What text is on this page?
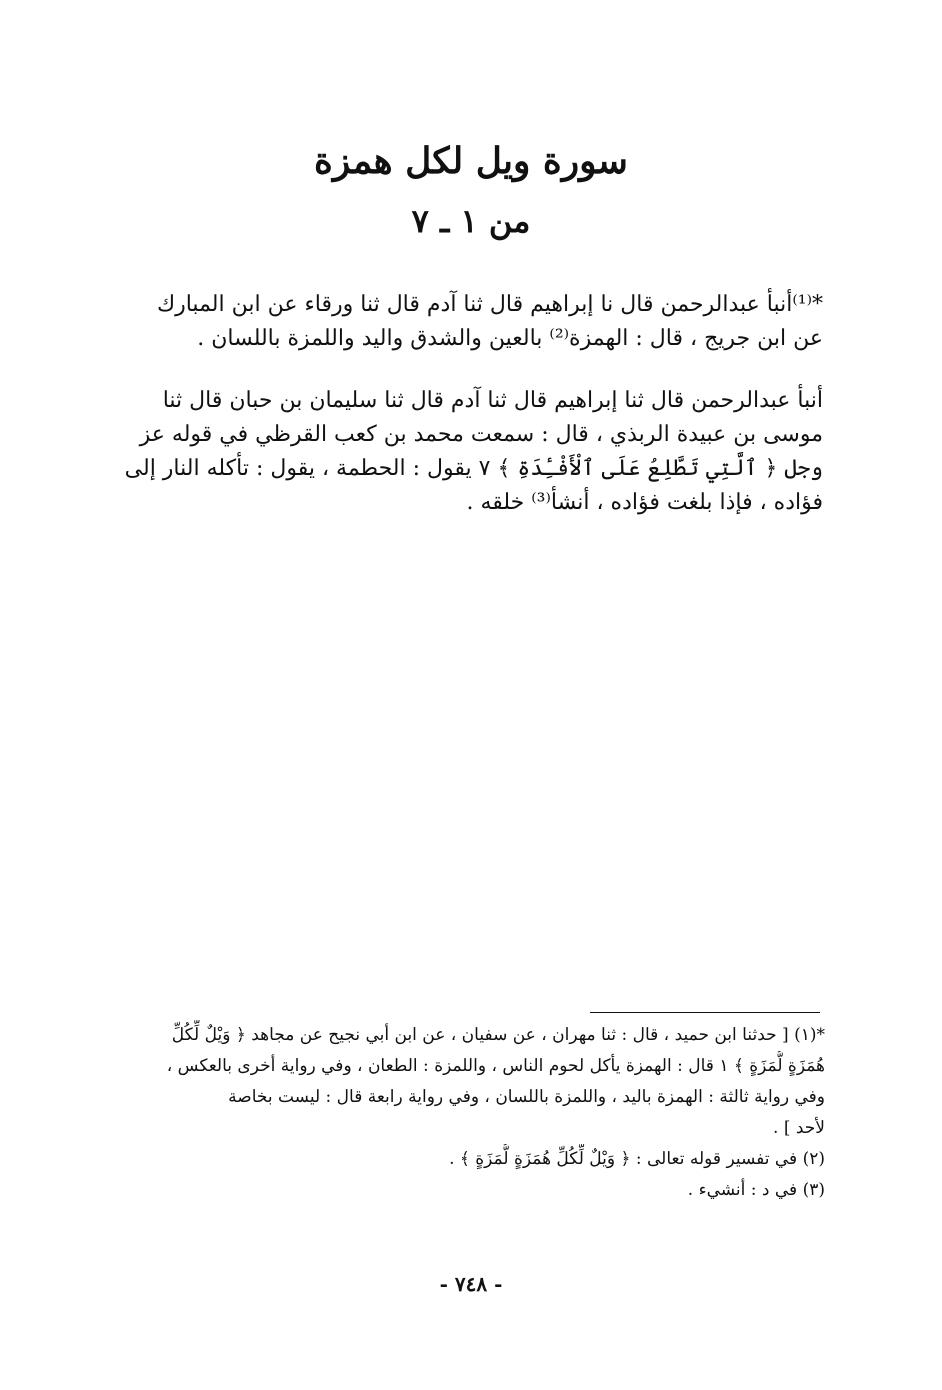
سورة ويل لكل همزة
من ١ ـ ٧

*⁽¹⁾أنبأ عبدالرحمن قال نا إبراهيم قال ثنا آدم قال ثنا ورقاء عن ابن المبارك
عن ابن جريج ، قال : الهمزة⁽²⁾ بالعين والشدق واليد واللمزة باللسان .

أنبأ عبدالرحمن قال ثنا إبراهيم قال ثنا آدم قال ثنا سليمان بن حبان قال ثنا
موسى بن عبيدة الربذي ، قال : سمعت محمد بن كعب القرظي في قوله عز
وجل ﴿ ٱلَّتِي تَطَّلِعُ عَلَى ٱلْأَفْـِٔدَةِ ﴾ ٧ يقول : الحطمة ، يقول : تأكله النار إلى
فؤاده ، فإذا بلغت فؤاده ، أنشأ⁽³⁾ خلقه .

*(١) [ حدثنا ابن حميد ، قال : ثنا مهران ، عن سفيان ، عن ابن أبي نجيح عن مجاهد ﴿ وَيْلٌ لِّكُلِّ
هُمَزَةٍ لُّمَزَةٍ ﴾ ١ قال : الهمزة يأكل لحوم الناس ، واللمزة : الطعان ، وفي رواية أخرى بالعكس ،
وفي رواية ثالثة : الهمزة باليد ، واللمزة باللسان ، وفي رواية رابعة قال : ليست بخاصة
لأحد ] .

(٢) في تفسير قوله تعالى : ﴿ وَيْلٌ لِّكُلِّ هُمَزَةٍ لُّمَزَةٍ ﴾ .

(٣) في د : أنشيء .

- ٧٤٨ -
